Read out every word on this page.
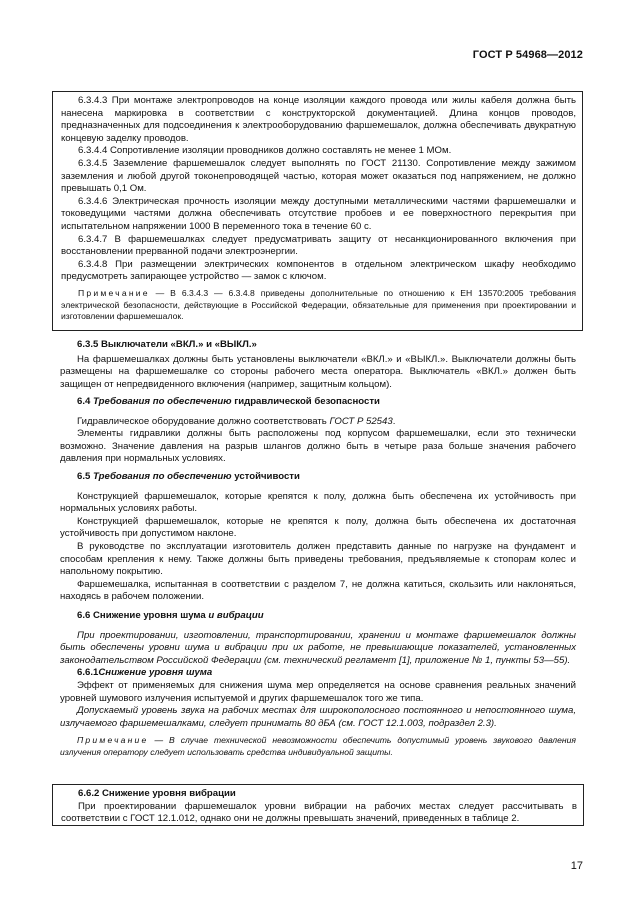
ГОСТ Р 54968—2012

6.3.4.3 При монтаже электропроводов на конце изоляции каждого провода или жилы кабеля должна быть нанесена маркировка в соответствии с конструкторской документацией. Длина концов проводов, предназначенных для подсоединения к электрооборудованию фаршемешалок, должна обеспечивать двукратную концевую заделку проводов.

6.3.4.4 Сопротивление изоляции проводников должно составлять не менее 1 МОм.

6.3.4.5 Заземление фаршемешалок следует выполнять по ГОСТ 21130. Сопротивление между зажимом заземления и любой другой токонепроводящей частью, которая может оказаться под напряжением, не должно превышать 0,1 Ом.

6.3.4.6 Электрическая прочность изоляции между доступными металлическими частями фаршемешалки и токоведущими частями должна обеспечивать отсутствие пробоев и ее поверхностного перекрытия при испытательном напряжении 1000 В переменного тока в течение 60 с.

6.3.4.7 В фаршемешалках следует предусматривать защиту от несанкционированного включения при восстановлении прерванной подачи электроэнергии.

6.3.4.8 При размещении электрических компонентов в отдельном электрическом шкафу необходимо предусмотреть запирающее устройство — замок с ключом.

Примечание — В 6.3.4.3 — 6.3.4.8 приведены дополнительные по отношению к ЕН 13570:2005 требования электрической безопасности, действующие в Российской Федерации, обязательные для применения при проектировании и изготовлении фаршемешалок.

6.3.5 Выключатели «ВКЛ.» и «ВЫКЛ.»

На фаршемешалках должны быть установлены выключатели «ВКЛ.» и «ВЫКЛ.». Выключатели должны быть размещены на фаршемешалке со стороны рабочего места оператора. Выключатель «ВКЛ.» должен быть защищен от непредвиденного включения (например, защитным кольцом).

6.4 Требования по обеспечению гидравлической безопасности

Гидравлическое оборудование должно соответствовать ГОСТ Р 52543.

Элементы гидравлики должны быть расположены под корпусом фаршемешалки, если это технически возможно. Значение давления на разрыв шлангов должно быть в четыре раза больше значения рабочего давления при нормальных условиях.

6.5 Требования по обеспечению устойчивости

Конструкцией фаршемешалок, которые крепятся к полу, должна быть обеспечена их устойчивость при нормальных условиях работы.

Конструкцией фаршемешалок, которые не крепятся к полу, должна быть обеспечена их достаточная устойчивость при допустимом наклоне.

В руководстве по эксплуатации изготовитель должен представить данные по нагрузке на фундамент и способам крепления к нему. Также должны быть приведены требования, предъявляемые к стопорам колес и напольному покрытию.

Фаршемешалка, испытанная в соответствии с разделом 7, не должна катиться, скользить или наклоняться, находясь в рабочем положении.

6.6 Снижение уровня шума и вибрации

При проектировании, изготовлении, транспортировании, хранении и монтаже фаршемешалок должны быть обеспечены уровни шума и вибрации при их работе, не превышающие показателей, установленных законодательством Российской Федерации (см. технический регламент [1], приложение № 1, пункты 53—55).

6.6.1Снижение уровня шума

Эффект от применяемых для снижения шума мер определяется на основе сравнения реальных значений уровней шумового излучения испытуемой и других фаршемешалок того же типа.

Допускаемый уровень звука на рабочих местах для широкополосного постоянного и непостоянного шума, излучаемого фаршемешалками, следует принимать 80 дБА (см. ГОСТ 12.1.003, подраздел 2.3).

Примечание — В случае технической невозможности обеспечить допустимый уровень звукового давления излучения оператору следует использовать средства индивидуальной защиты.

6.6.2 Снижение уровня вибрации

При проектировании фаршемешалок уровни вибрации на рабочих местах следует рассчитывать в соответствии с ГОСТ 12.1.012, однако они не должны превышать значений, приведенных в таблице 2.

17
